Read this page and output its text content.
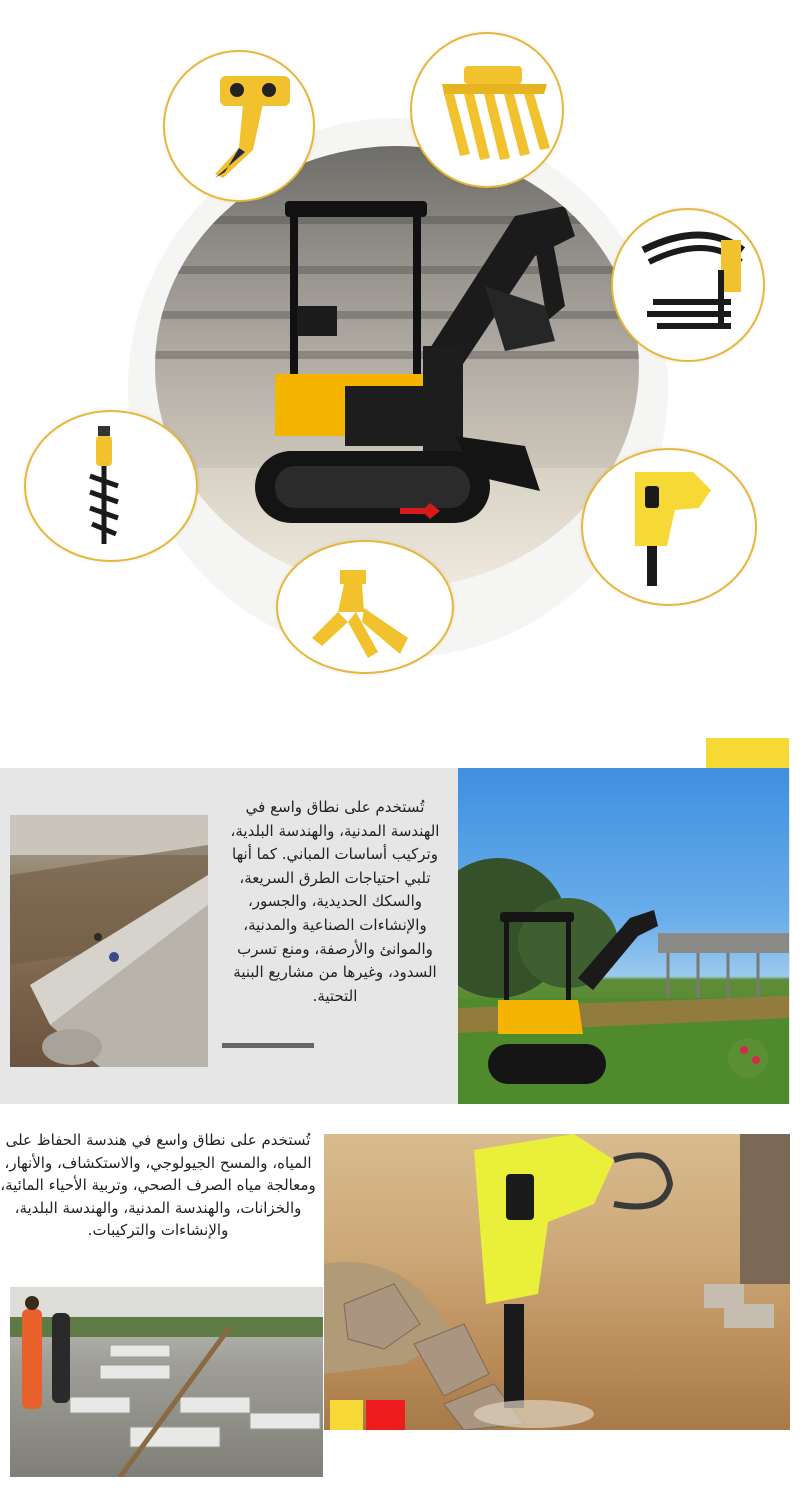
تُستخدم على نطاق واسع في الهندسة المدنية، والهندسة البلدية، وتركيب أساسات المباني. كما أنها تلبي احتياجات الطرق السريعة، والسكك الحديدية، والجسور، والإنشاءات الصناعية والمدنية، والموانئ والأرصفة، ومنع تسرب السدود، وغيرها من مشاريع البنية التحتية.
تُستخدم على نطاق واسع في هندسة الحفاظ على المياه، والمسح الجيولوجي، والاستكشاف، والأنهار، ومعالجة مياه الصرف الصحي، وتربية الأحياء المائية، والخزانات، والهندسة المدنية، والهندسة البلدية، والإنشاءات والتركيبات.
